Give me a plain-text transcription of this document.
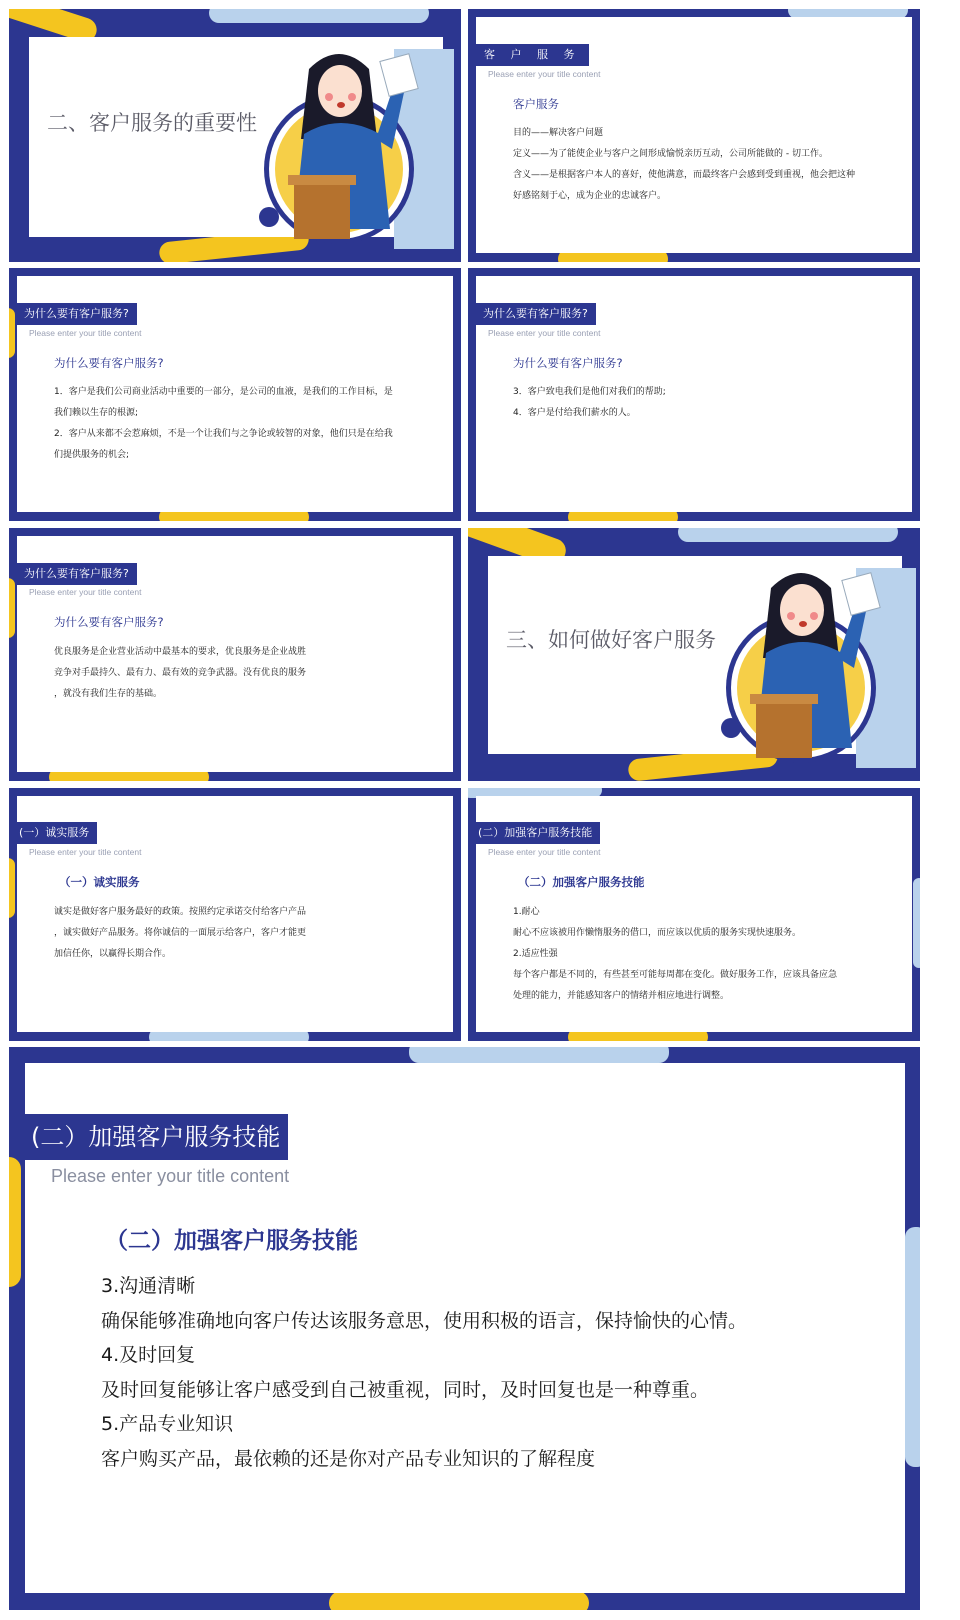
二、客户服务的重要性
客 户 服 务
Please enter your title content
客户服务

目的——解决客户问题

定义——为了能使企业与客户之间形成愉悦亲历互动，公司所能做的 - 切工作。

含义——是根据客户本人的喜好，使他满意，而最终客户会感到受到重视，他会把这种

好感铭刻于心，成为企业的忠诚客户。

为什么要有客户服务?
Please enter your title content
为什么要有客户服务?

1．客户是我们公司商业活动中重要的一部分，是公司的血液，是我们的工作目标，是

我们赖以生存的根源;

2．客户从来都不会惹麻烦，不是一个让我们与之争论或较智的对象，他们只是在给我

们提供服务的机会;

为什么要有客户服务?
Please enter your title content
为什么要有客户服务?

3．客户致电我们是他们对我们的帮助;

4．客户是付给我们薪水的人。

为什么要有客户服务?
Please enter your title content
为什么要有客户服务?

优良服务是企业营业活动中最基本的要求，优良服务是企业战胜

竞争对手最持久、最有力、最有效的竞争武器。没有优良的服务

，就没有我们生存的基础。

三、如何做好客户服务
(一）诚实服务
Please enter your title content
（一）诚实服务

诚实是做好客户服务最好的政策。按照约定承诺交付给客户产品

，诚实做好产品服务。将你诚信的一面展示给客户，客户才能更

加信任你，以赢得长期合作。

(二）加强客户服务技能
Please enter your title content
（二）加强客户服务技能

1.耐心

耐心不应该被用作懒惰服务的借口，而应该以优质的服务实现快速服务。

2.适应性强

每个客户都是不同的，有些甚至可能每周都在变化。做好服务工作，应该具备应急

处理的能力，并能感知客户的情绪并相应地进行调整。

(二）加强客户服务技能
Please enter your title content
（二）加强客户服务技能

3.沟通清晰

确保能够准确地向客户传达该服务意思，使用积极的语言，保持愉快的心情。

4.及时回复

及时回复能够让客户感受到自己被重视，同时，及时回复也是一种尊重。

5.产品专业知识

客户购买产品，最依赖的还是你对产品专业知识的了解程度
